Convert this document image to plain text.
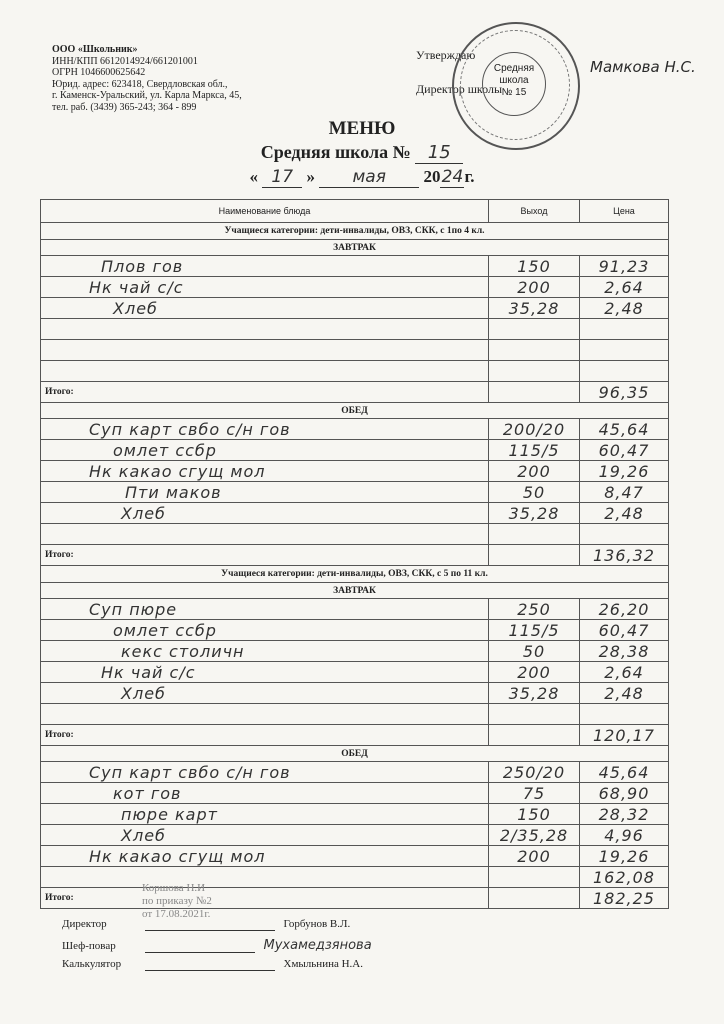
ООО «Школьник»
ИНН/КПП 6612014924/661201001
ОГРН 1046600625642
Юрид. адрес: 623418, Свердловская обл.,
г. Каменск-Уральский, ул. Карла Маркса, 45,
тел. раб. (3439) 365-243; 364 - 899
Утверждаю
Директор школы
Средняя
школа
№ 15
Мамкова Н.С.
МЕНЮ
Средняя школа № 15
« 17 » мая 2024г.
Наименование блюда	Выход	Цена
Учащиеся категории: дети-инвалиды, ОВЗ, СКК, с 1по 4 кл.		
ЗАВТРАК		
Плов гов	150	91,23
Нк чай с/с	200	2,64
Хлеб	35,28	2,48

Итого:		96,35
ОБЕД		
Суп карт свбо с/н гов	200/20	45,64
омлет ссбр	115/5	60,47
Нк какао сгущ мол	200	19,26
Пти маков	50	8,47
Хлеб	35,28	2,48

Итого:		136,32
Учащиеся категории: дети-инвалиды, ОВЗ, СКК, с 5 по 11 кл.		
ЗАВТРАК		
Суп пюре	250	26,20
омлет ссбр	115/5	60,47
кекс столичн	50	28,38
Нк чай с/с	200	2,64
Хлеб	35,28	2,48

Итого:		120,17
ОБЕД		
Суп карт свбо с/н гов	250/20	45,64
кот гов	75	68,90
пюре карт	150	28,32
Хлеб	2/35,28	4,96
Нк какао сгущ мол	200	19,26
		162,08
Итого:		182,25
Коршова Н.И
по приказу №2
от 17.08.2021г.
Директор	Горбунов В.Л.
Шеф-повар	Мухамедзянова
Калькулятор	Хмыльнина Н.А.
